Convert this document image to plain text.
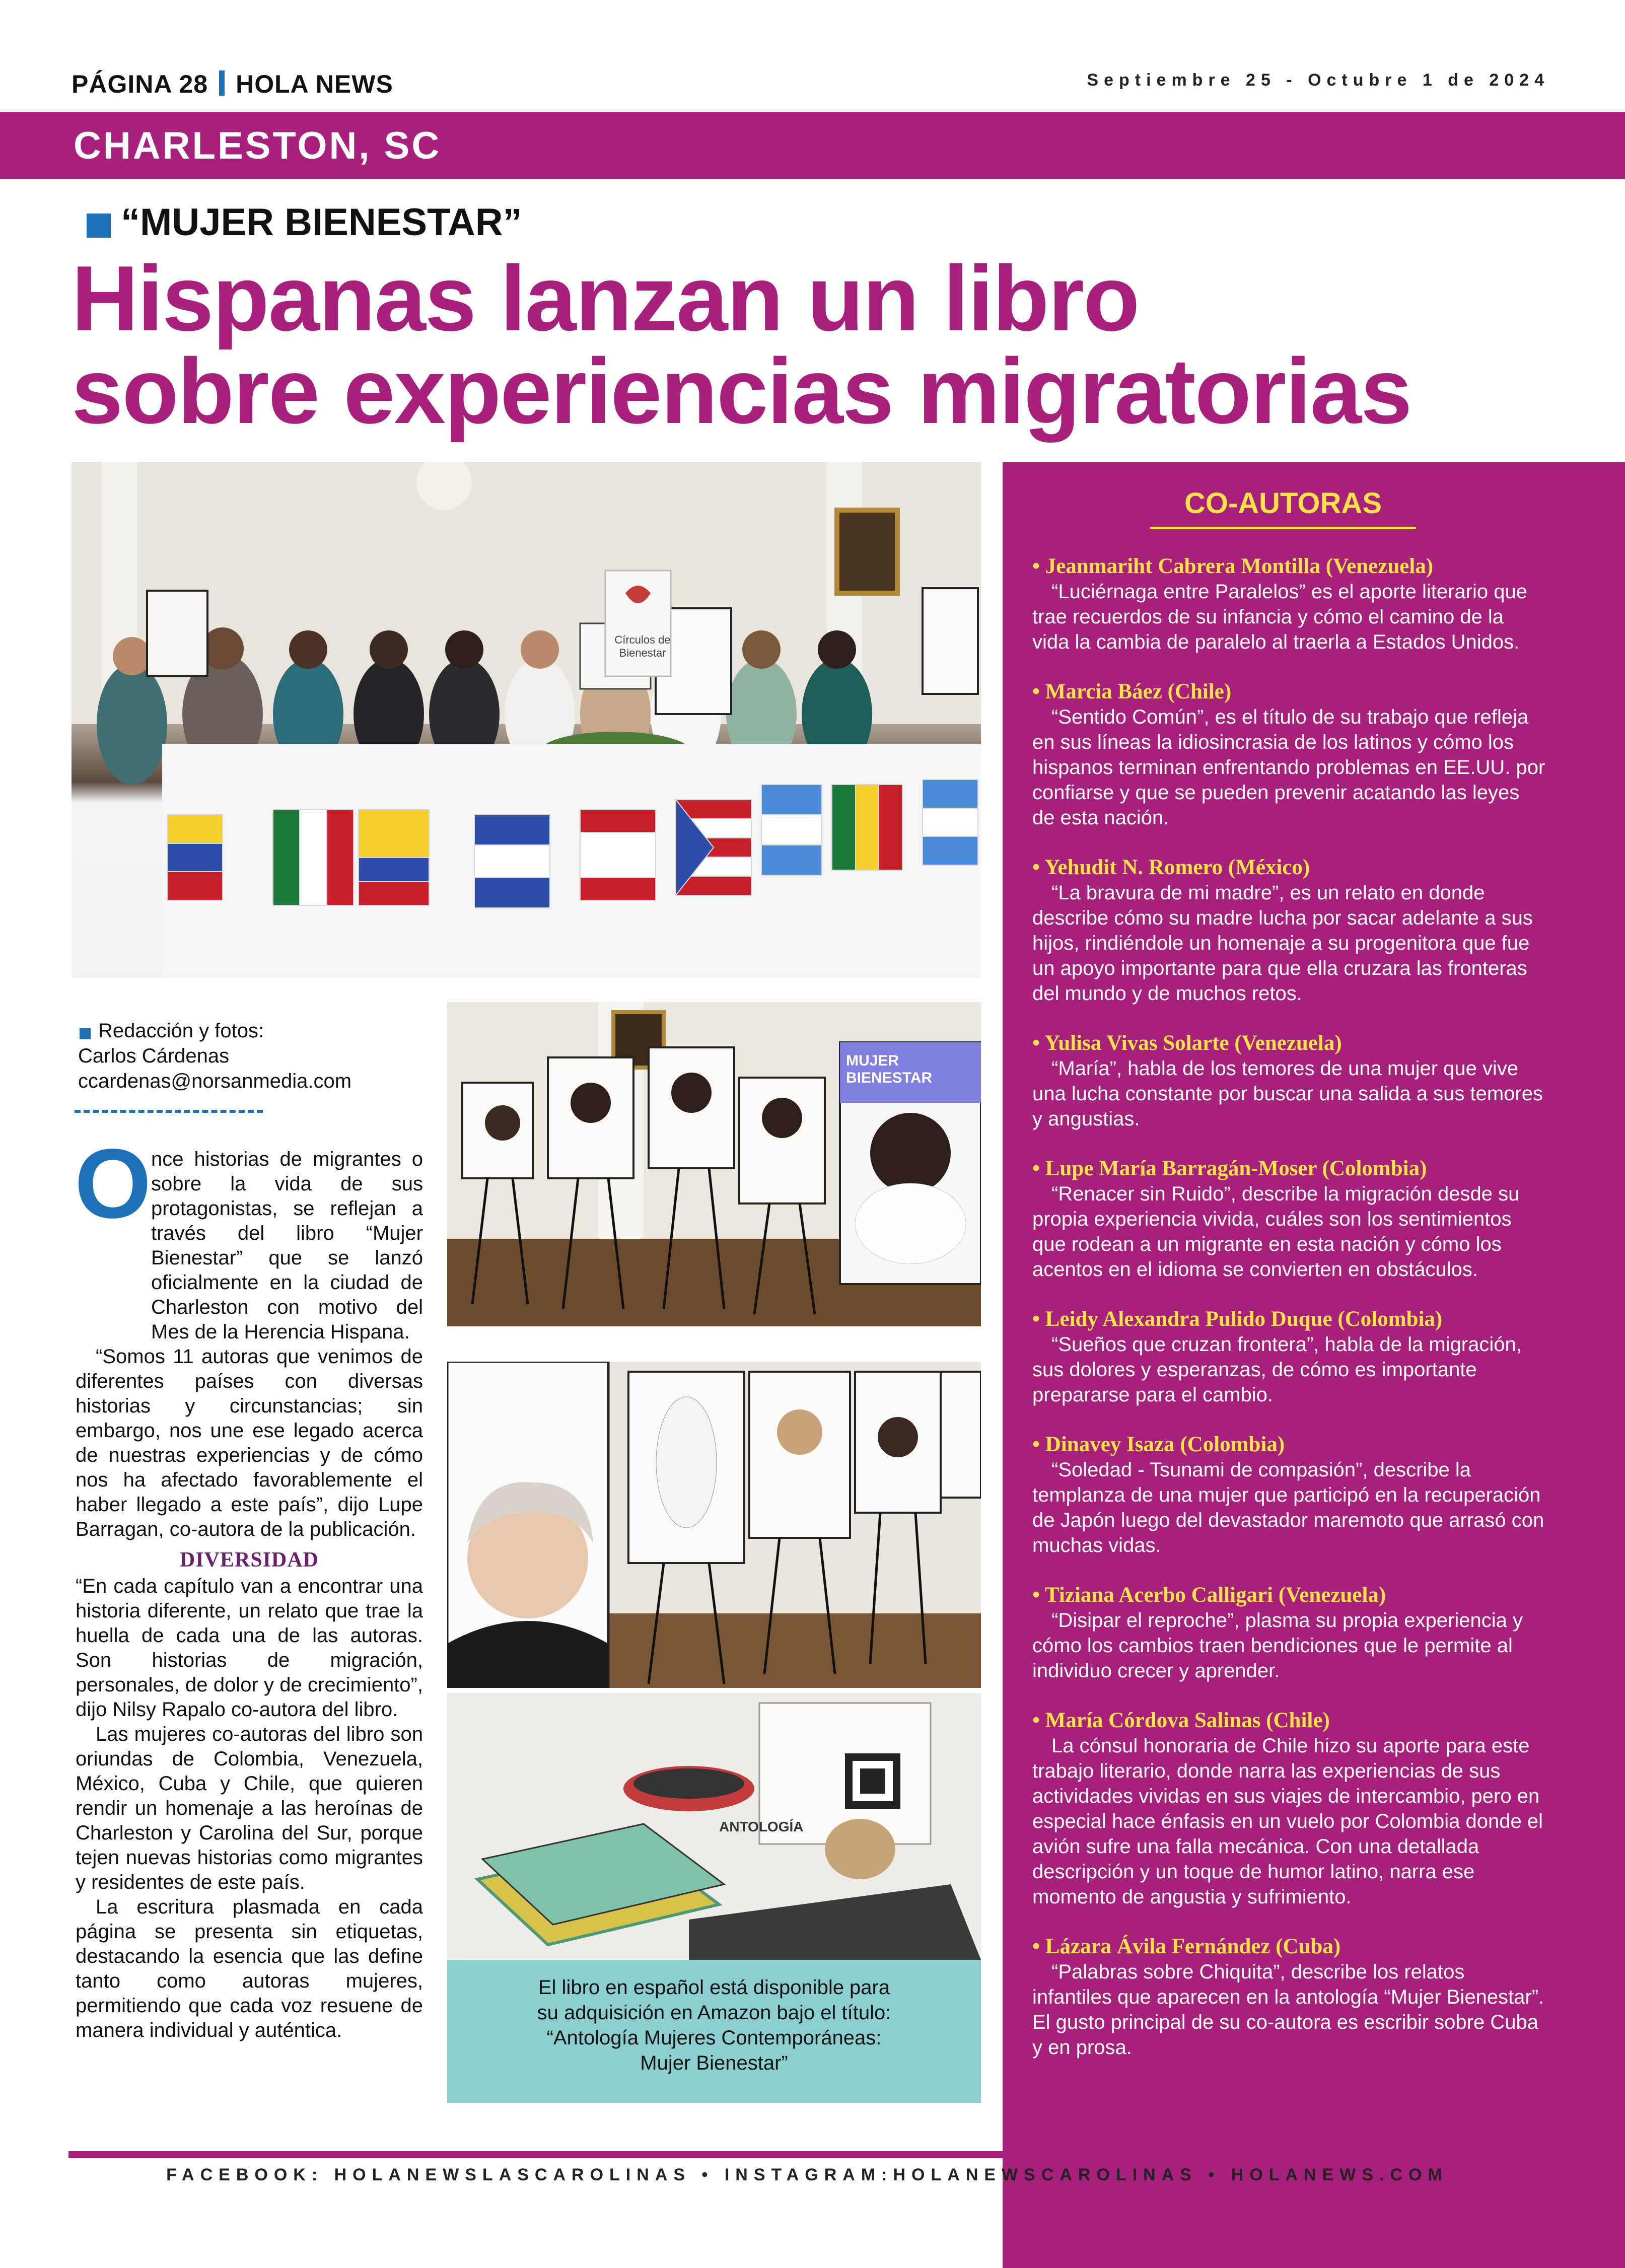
PÁGINA 28 HOLA NEWS	Septiembre 25 - Octubre 1 de 2024
CHARLESTON, SC
“MUJER BIENESTAR”
Hispanas lanzan un libro
sobre experiencias migratorias
Círculos de
Bienestar
MUJER BIENESTAR
ANTOLOGÍA
El libro en español está disponible para
su adquisición en Amazon bajo el título:
“Antología Mujeres Contemporáneas:
Mujer Bienestar”
Redacción y fotos:
Carlos Cárdenas
ccardenas@norsanmedia.com
O nce historias de migrantes o sobre la vida de sus protagonistas, se reflejan a través del libro “Mujer Bienestar” que se lanzó oficialmente en la ciudad de Charleston con motivo del Mes de la Herencia Hispana.
“Somos 11 autoras que venimos de diferentes países con diversas historias y circunstancias; sin embargo, nos une ese legado acerca de nuestras experiencias y de cómo nos ha afectado favorablemente el haber llegado a este país”, dijo Lupe Barragan, co-autora de la publicación.
DIVERSIDAD
“En cada capítulo van a encontrar una historia diferente, un relato que trae la huella de cada una de las autoras. Son historias de migración, personales, de dolor y de crecimiento”, dijo Nilsy Rapalo co-autora del libro.
Las mujeres co-autoras del libro son oriundas de Colombia, Venezuela, México, Cuba y Chile, que quieren rendir un homenaje a las heroínas de Charleston y Carolina del Sur, porque tejen nuevas historias como migrantes y residentes de este país.
La escritura plasmada en cada página se presenta sin etiquetas, destacando la esencia que las define tanto como autoras mujeres, permitiendo que cada voz resuene de manera individual y auténtica.
CO-AUTORAS
• Jeanmariht Cabrera Montilla (Venezuela)
“Luciérnaga entre Paralelos” es el aporte literario que trae recuerdos de su infancia y cómo el camino de la vida la cambia de paralelo al traerla a Estados Unidos.
• Marcia Báez (Chile)
“Sentido Común”, es el título de su trabajo que refleja en sus líneas la idiosincrasia de los latinos y cómo los hispanos terminan enfrentando problemas en EE.UU. por confiarse y que se pueden prevenir acatando las leyes de esta nación.
• Yehudit N. Romero (México)
“La bravura de mi madre”, es un relato en donde describe cómo su madre lucha por sacar adelante a sus hijos, rindiéndole un homenaje a su progenitora que fue un apoyo importante para que ella cruzara las fronteras del mundo y de muchos retos.
• Yulisa Vivas Solarte (Venezuela)
“María”, habla de los temores de una mujer que vive una lucha constante por buscar una salida a sus temores y angustias.
• Lupe María Barragán-Moser (Colombia)
“Renacer sin Ruido”, describe la migración desde su propia experiencia vivida, cuáles son los sentimientos que rodean a un migrante en esta nación y cómo los acentos en el idioma se convierten en obstáculos.
• Leidy Alexandra Pulido Duque (Colombia)
“Sueños que cruzan frontera”, habla de la migración, sus dolores y esperanzas, de cómo es importante prepararse para el cambio.
• Dinavey Isaza (Colombia)
“Soledad - Tsunami de compasión”, describe la templanza de una mujer que participó en la recuperación de Japón luego del devastador maremoto que arrasó con muchas vidas.
• Tiziana Acerbo Calligari (Venezuela)
“Disipar el reproche”, plasma su propia experiencia y cómo los cambios traen bendiciones que le permite al individuo crecer y aprender.
• María Córdova Salinas (Chile)
La cónsul honoraria de Chile hizo su aporte para este trabajo literario, donde narra las experiencias de sus actividades vividas en sus viajes de intercambio, pero en especial hace énfasis en un vuelo por Colombia donde el avión sufre una falla mecánica. Con una detallada descripción y un toque de humor latino, narra ese momento de angustia y sufrimiento.
• Lázara Ávila Fernández (Cuba)
“Palabras sobre Chiquita”, describe los relatos infantiles que aparecen en la antología “Mujer Bienestar”. El gusto principal de su co-autora es escribir sobre Cuba y en prosa.
FACEBOOK: HOLANEWSLASCAROLINAS • INSTAGRAM:HOLANEWSCAROLINAS • HOLANEWS.COM
